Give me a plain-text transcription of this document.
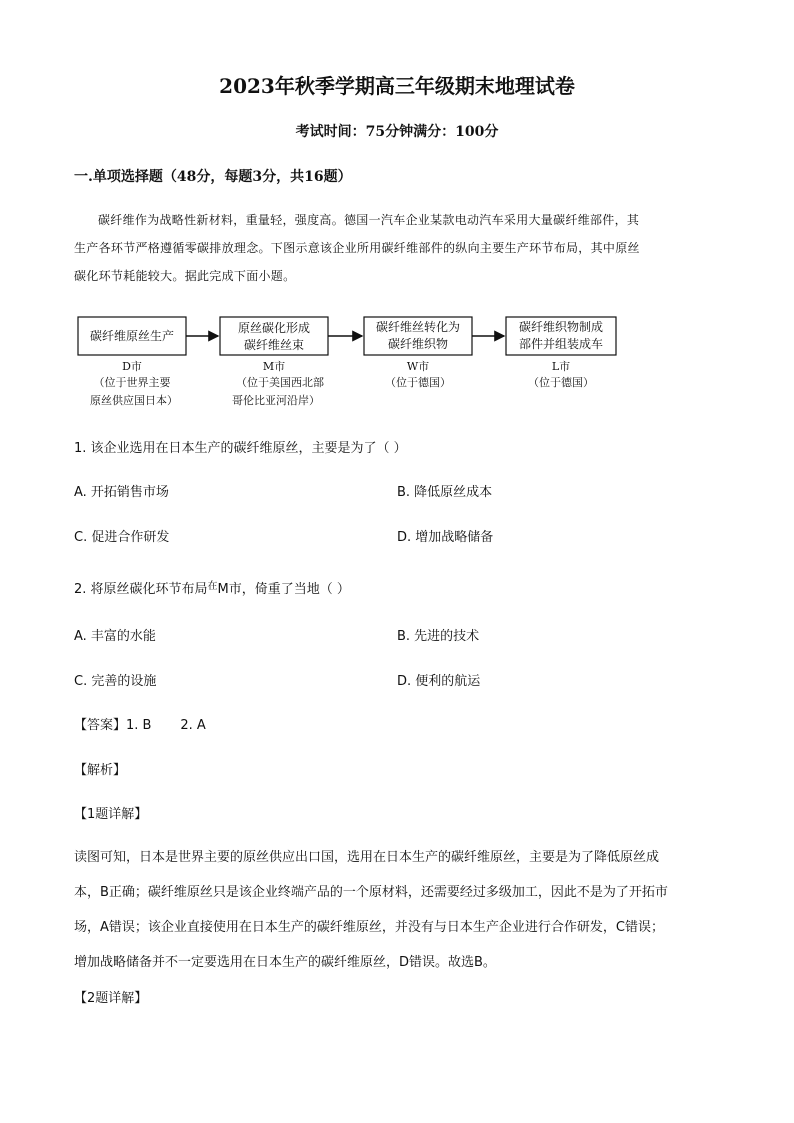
2023年秋季学期高三年级期末地理试卷
考试时间：75分钟满分：100分
一.单项选择题（48分，每题3分，共16题）
碳纤维作为战略性新材料，重量轻，强度高。德国一汽车企业某款电动汽车采用大量碳纤维部件，其
生产各环节严格遵循零碳排放理念。下图示意该企业所用碳纤维部件的纵向主要生产环节布局，其中原丝
碳化环节耗能较大。据此完成下面小题。
碳纤维原丝生产
原丝碳化形成
碳纤维丝束
碳纤维丝转化为
碳纤维织物
碳纤维织物制成
部件并组装成车
D市
（位于世界主要
原丝供应国日本）
M市
（位于美国西北部
哥伦比亚河沿岸）
W市
（位于德国）
L市
（位于德国）
1. 该企业选用在日本生产的碳纤维原丝，主要是为了（ ）
A. 开拓销售市场	B. 降低原丝成本
C. 促进合作研发	D. 增加战略储备
2. 将原丝碳化环节布局$^在$M市，倚重了当地（ ）
A. 丰富的水能	B. 先进的技术
C. 完善的设施	D. 便利的航运
【答案】1. B       2. A
【解析】
【1题详解】
读图可知，日本是世界主要的原丝供应出口国，选用在日本生产的碳纤维原丝，主要是为了降低原丝成
本，B正确；碳纤维原丝只是该企业终端产品的一个原材料，还需要经过多级加工，因此不是为了开拓市
场，A错误；该企业直接使用在日本生产的碳纤维原丝，并没有与日本生产企业进行合作研发，C错误；
增加战略储备并不一定要选用在日本生产的碳纤维原丝，D错误。故选B。
【2题详解】
